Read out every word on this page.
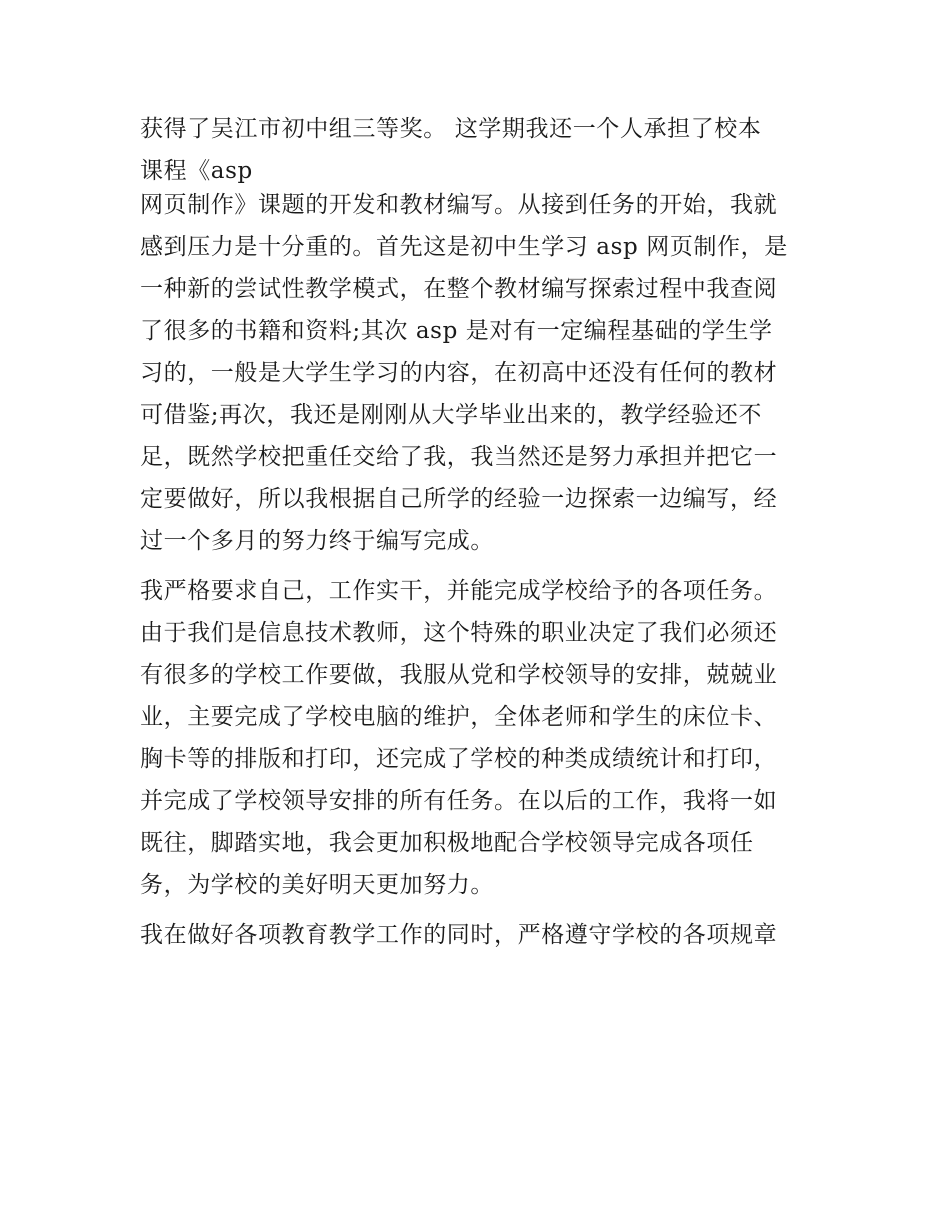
获得了吴江市初中组三等奖。 这学期我还一个人承担了校本
课程《asp
网页制作》课题的开发和教材编写。从接到任务的开始，我就
感到压力是十分重的。首先这是初中生学习 asp 网页制作，是
一种新的尝试性教学模式，在整个教材编写探索过程中我查阅
了很多的书籍和资料;其次 asp 是对有一定编程基础的学生学
习的，一般是大学生学习的内容，在初高中还没有任何的教材
可借鉴;再次，我还是刚刚从大学毕业出来的，教学经验还不
足，既然学校把重任交给了我，我当然还是努力承担并把它一
定要做好，所以我根据自己所学的经验一边探索一边编写，经
过一个多月的努力终于编写完成。
我严格要求自己，工作实干，并能完成学校给予的各项任务。
由于我们是信息技术教师，这个特殊的职业决定了我们必须还
有很多的学校工作要做，我服从党和学校领导的安排，兢兢业
业，主要完成了学校电脑的维护，全体老师和学生的床位卡、
胸卡等的排版和打印，还完成了学校的种类成绩统计和打印，
并完成了学校领导安排的所有任务。在以后的工作，我将一如
既往，脚踏实地，我会更加积极地配合学校领导完成各项任
务，为学校的美好明天更加努力。
我在做好各项教育教学工作的同时，严格遵守学校的各项规章
